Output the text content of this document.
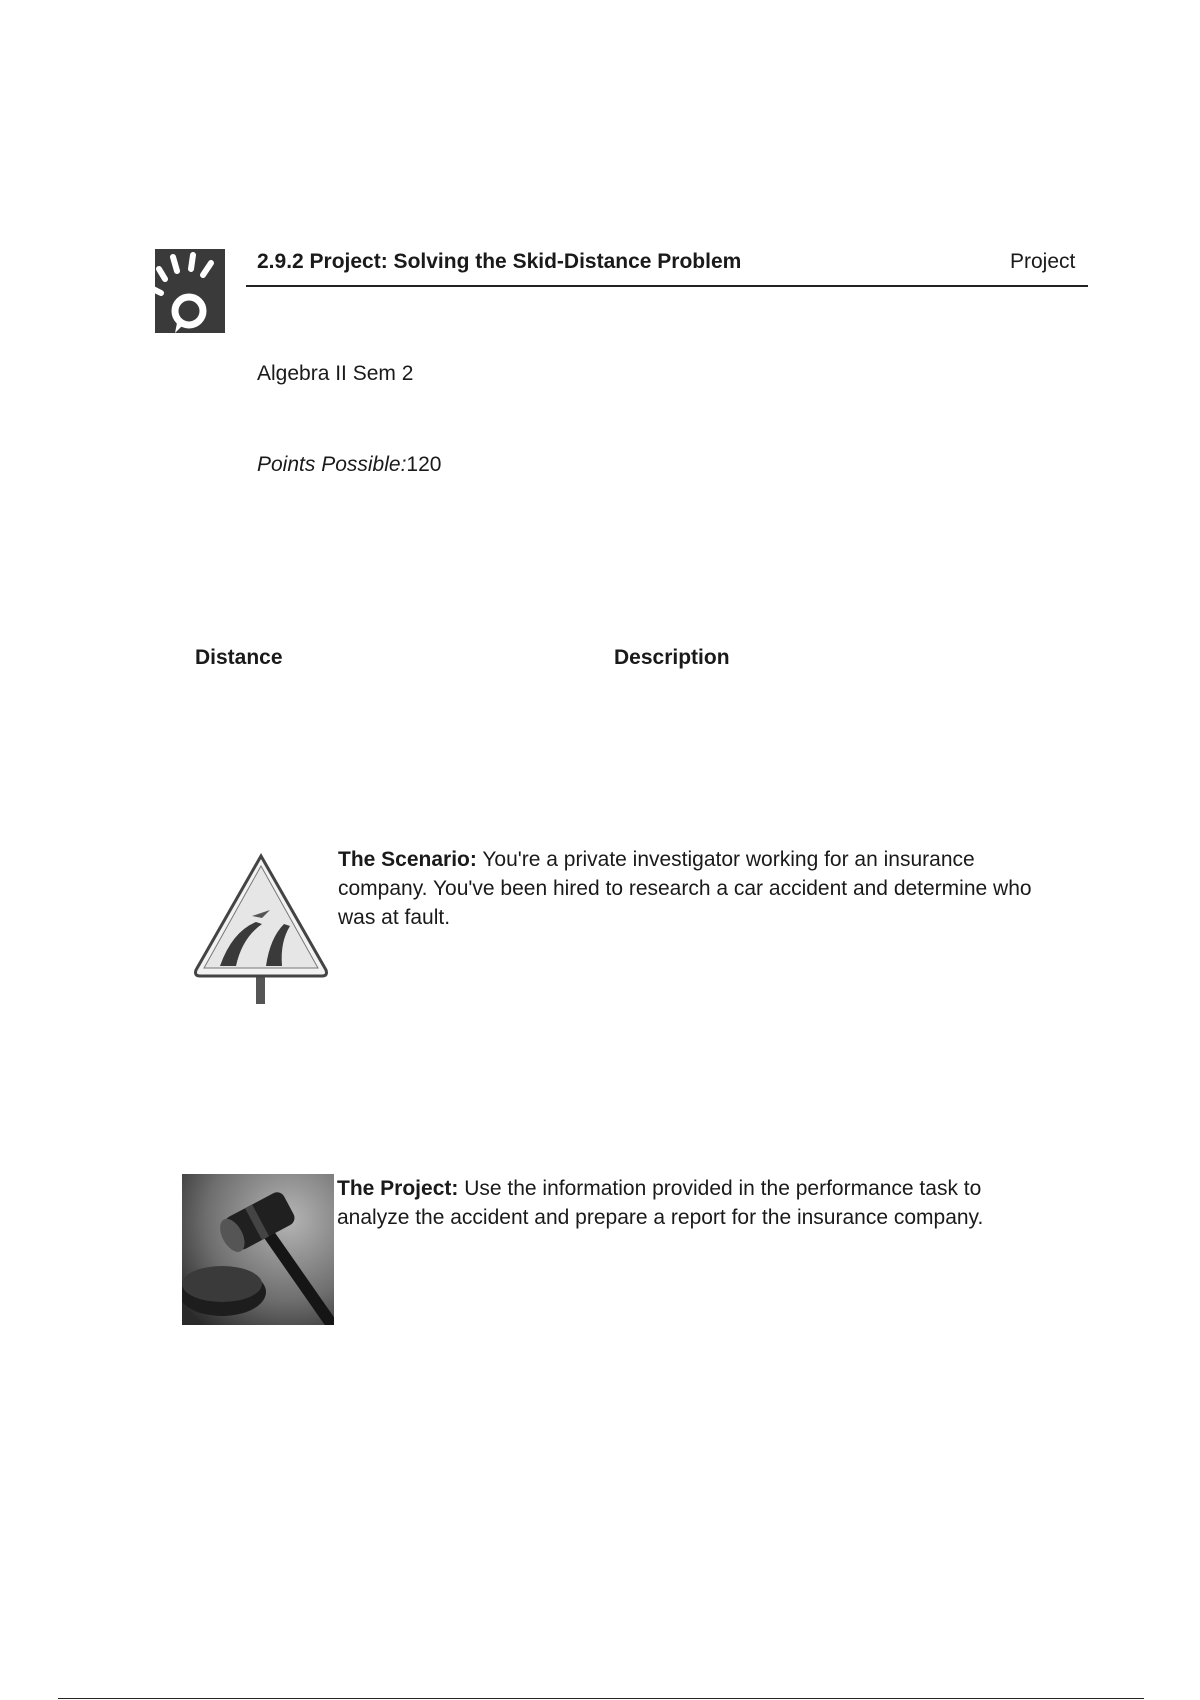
2.9.2 Project: Solving the Skid-Distance Problem	Project
Algebra II Sem 2
Points Possible:120
Distance	Description
The Scenario: You're a private investigator working for an insurance company. You've been hired to research a car accident and determine who was at fault.
The Project: Use the information provided in the performance task to analyze the accident and prepare a report for the insurance company.
